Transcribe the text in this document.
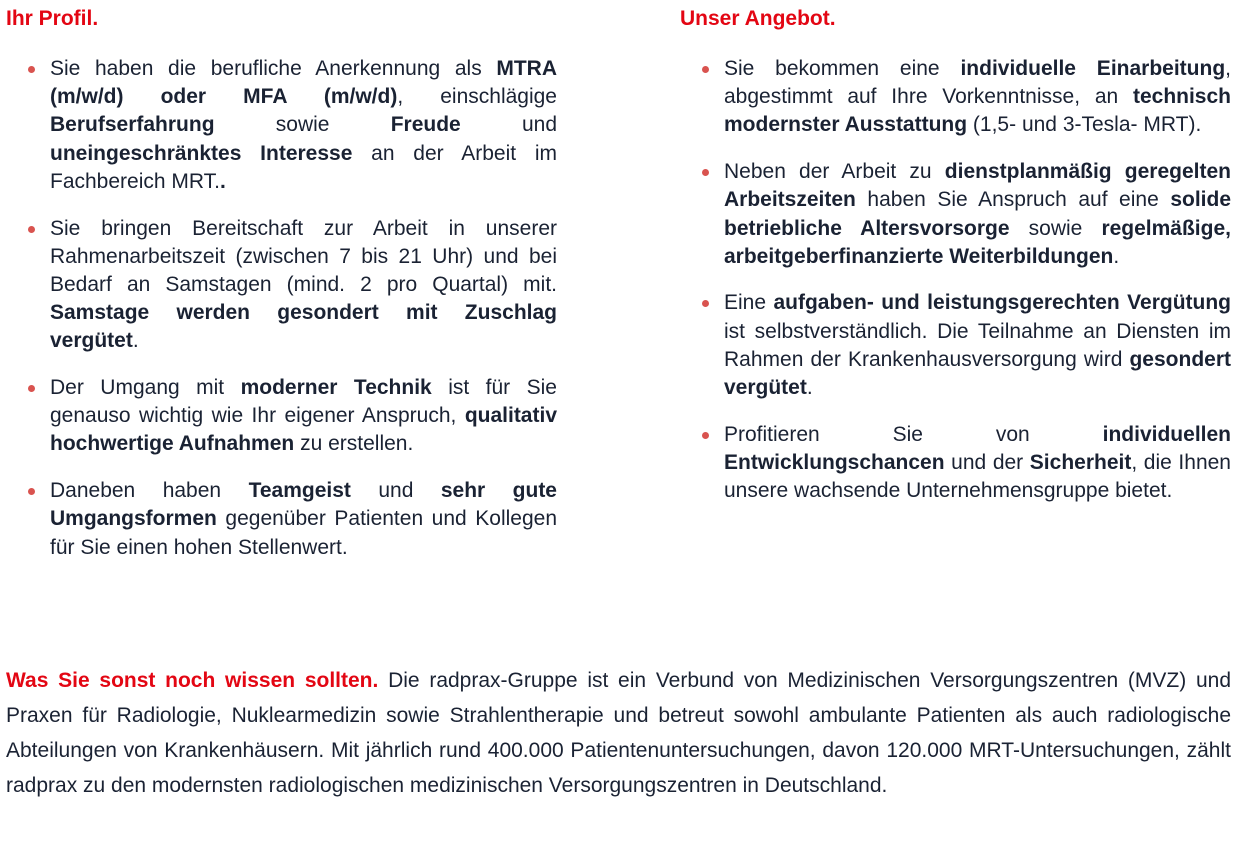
Ihr Profil.
Sie haben die berufliche Anerkennung als MTRA (m/w/d) oder MFA (m/w/d), einschlägige Berufserfahrung sowie Freude und uneingeschränktes Interesse an der Arbeit im Fachbereich MRT..
Sie bringen Bereitschaft zur Arbeit in unserer Rahmenarbeitszeit (zwischen 7 bis 21 Uhr) und bei Bedarf an Samstagen (mind. 2 pro Quartal) mit. Samstage werden gesondert mit Zuschlag vergütet.
Der Umgang mit moderner Technik ist für Sie genauso wichtig wie Ihr eigener Anspruch, qualitativ hochwertige Aufnahmen zu erstellen.
Daneben haben Teamgeist und sehr gute Umgangsformen gegenüber Patienten und Kollegen für Sie einen hohen Stellenwert.
Unser Angebot.
Sie bekommen eine individuelle Einarbeitung, abgestimmt auf Ihre Vorkenntnisse, an technisch modernster Ausstattung (1,5- und 3-Tesla- MRT).
Neben der Arbeit zu dienstplanmäßig geregelten Arbeitszeiten haben Sie Anspruch auf eine solide betriebliche Altersvorsorge sowie regelmäßige, arbeitgeberfinanzierte Weiterbildungen.
Eine aufgaben- und leistungsgerechten Vergütung ist selbstverständlich. Die Teilnahme an Diensten im Rahmen der Krankenhausversorgung wird gesondert vergütet.
Profitieren Sie von individuellen Entwicklungschancen und der Sicherheit, die Ihnen unsere wachsende Unternehmensgruppe bietet.
Was Sie sonst noch wissen sollten. Die radprax-Gruppe ist ein Verbund von Medizinischen Versorgungszentren (MVZ) und Praxen für Radiologie, Nuklearmedizin sowie Strahlentherapie und betreut sowohl ambulante Patienten als auch radiologische Abteilungen von Krankenhäusern. Mit jährlich rund 400.000 Patientenuntersuchungen, davon 120.000 MRT-Untersuchungen, zählt radprax zu den modernsten radiologischen medizinischen Versorgungszentren in Deutschland.
